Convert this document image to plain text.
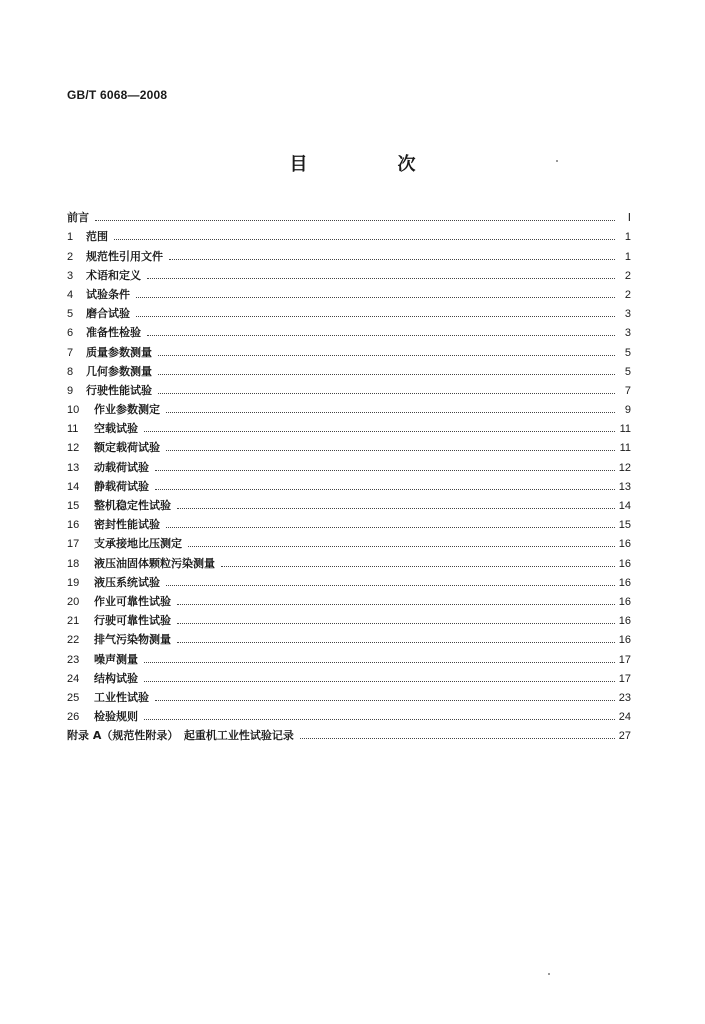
GB/T 6068—2008
目　次
前言	Ⅰ
1	范围	1
2	规范性引用文件	1
3	术语和定义	2
4	试验条件	2
5	磨合试验	3
6	准备性检验	3
7	质量参数测量	5
8	几何参数测量	5
9	行驶性能试验	7
10	作业参数测定	9
11	空载试验	11
12	额定载荷试验	11
13	动载荷试验	12
14	静载荷试验	13
15	整机稳定性试验	14
16	密封性能试验	15
17	支承接地比压测定	16
18	液压油固体颗粒污染测量	16
19	液压系统试验	16
20	作业可靠性试验	16
21	行驶可靠性试验	16
22	排气污染物测量	16
23	噪声测量	17
24	结构试验	17
25	工业性试验	23
26	检验规则	24
附录 A（规范性附录）　起重机工业性试验记录	27
